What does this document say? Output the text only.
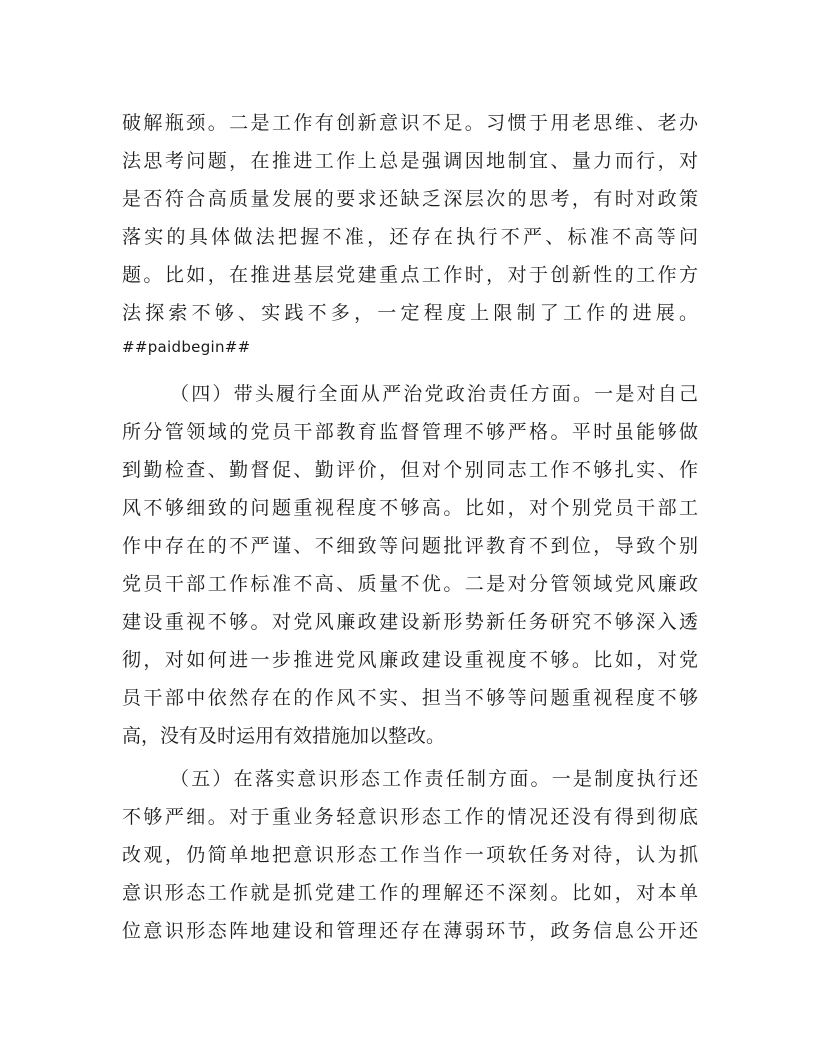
破解瓶颈。二是工作有创新意识不足。习惯于用老思维、老办
法思考问题，在推进工作上总是强调因地制宜、量力而行，对
是否符合高质量发展的要求还缺乏深层次的思考，有时对政策
落实的具体做法把握不准，还存在执行不严、标准不高等问
题。比如，在推进基层党建重点工作时，对于创新性的工作方
法探索不够、实践不多，一定程度上限制了工作的进展。
##paidbegin##
（四）带头履行全面从严治党政治责任方面。一是对自己
所分管领域的党员干部教育监督管理不够严格。平时虽能够做
到勤检查、勤督促、勤评价，但对个别同志工作不够扎实、作
风不够细致的问题重视程度不够高。比如，对个别党员干部工
作中存在的不严谨、不细致等问题批评教育不到位，导致个别
党员干部工作标准不高、质量不优。二是对分管领域党风廉政
建设重视不够。对党风廉政建设新形势新任务研究不够深入透
彻，对如何进一步推进党风廉政建设重视度不够。比如，对党
员干部中依然存在的作风不实、担当不够等问题重视程度不够
高，没有及时运用有效措施加以整改。
（五）在落实意识形态工作责任制方面。一是制度执行还
不够严细。对于重业务轻意识形态工作的情况还没有得到彻底
改观，仍简单地把意识形态工作当作一项软任务对待，认为抓
意识形态工作就是抓党建工作的理解还不深刻。比如，对本单
位意识形态阵地建设和管理还存在薄弱环节，政务信息公开还
